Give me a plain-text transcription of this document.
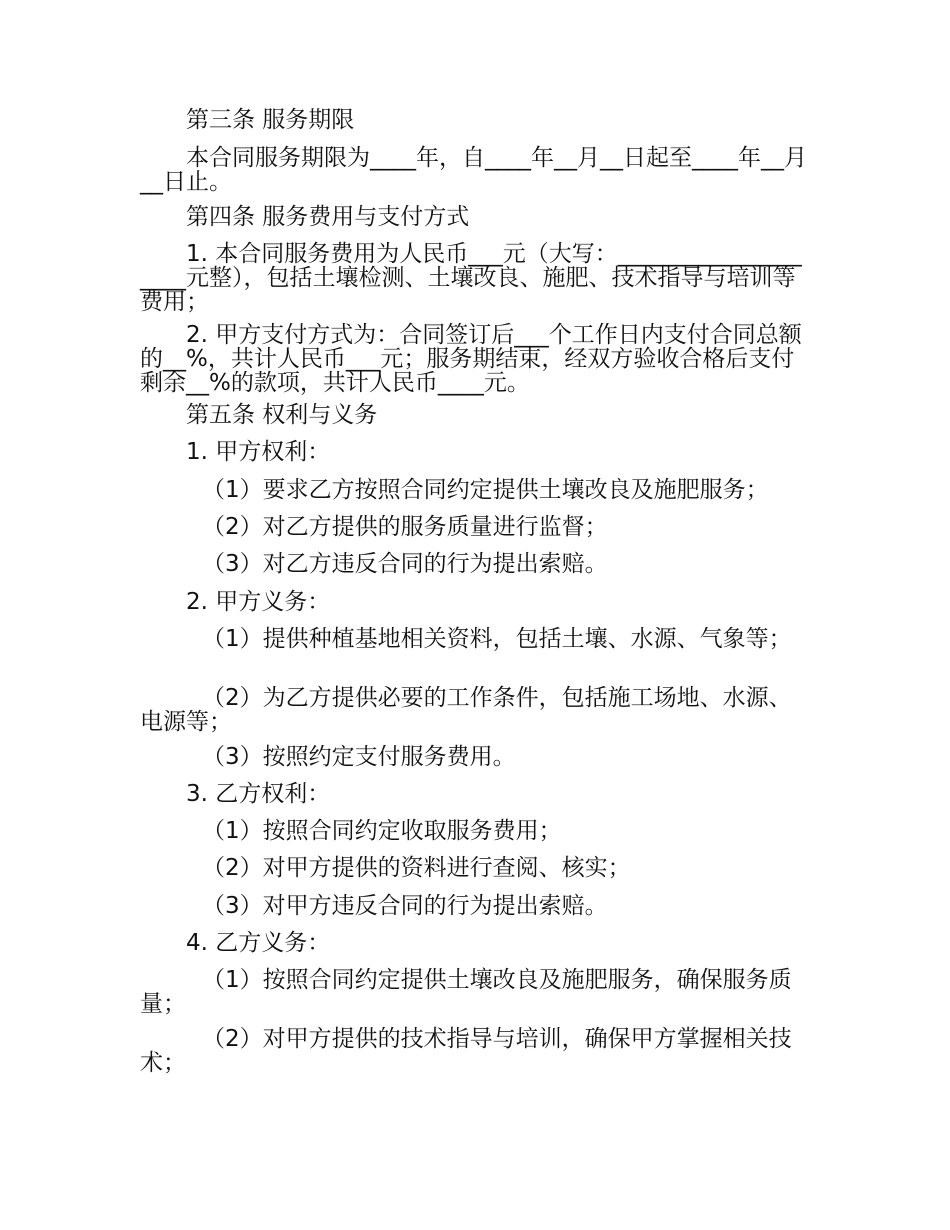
第三条 服务期限
本合同服务期限为____年，自____年__月__日起至____年__月__日止。
第四条 服务费用与支付方式
1. 本合同服务费用为人民币___元（大写：____________________元整），包括土壤检测、土壤改良、施肥、技术指导与培训等费用；
2. 甲方支付方式为：合同签订后___个工作日内支付合同总额的__%，共计人民币___元；服务期结束，经双方验收合格后支付剩余__%的款项，共计人民币____元。
第五条 权利与义务
1. 甲方权利：
（1）要求乙方按照合同约定提供土壤改良及施肥服务；
（2）对乙方提供的服务质量进行监督；
（3）对乙方违反合同的行为提出索赔。
2. 甲方义务：
（1）提供种植基地相关资料，包括土壤、水源、气象等；
（2）为乙方提供必要的工作条件，包括施工场地、水源、电源等；
（3）按照约定支付服务费用。
3. 乙方权利：
（1）按照合同约定收取服务费用；
（2）对甲方提供的资料进行查阅、核实；
（3）对甲方违反合同的行为提出索赔。
4. 乙方义务：
（1）按照合同约定提供土壤改良及施肥服务，确保服务质量；
（2）对甲方提供的技术指导与培训，确保甲方掌握相关技术；
